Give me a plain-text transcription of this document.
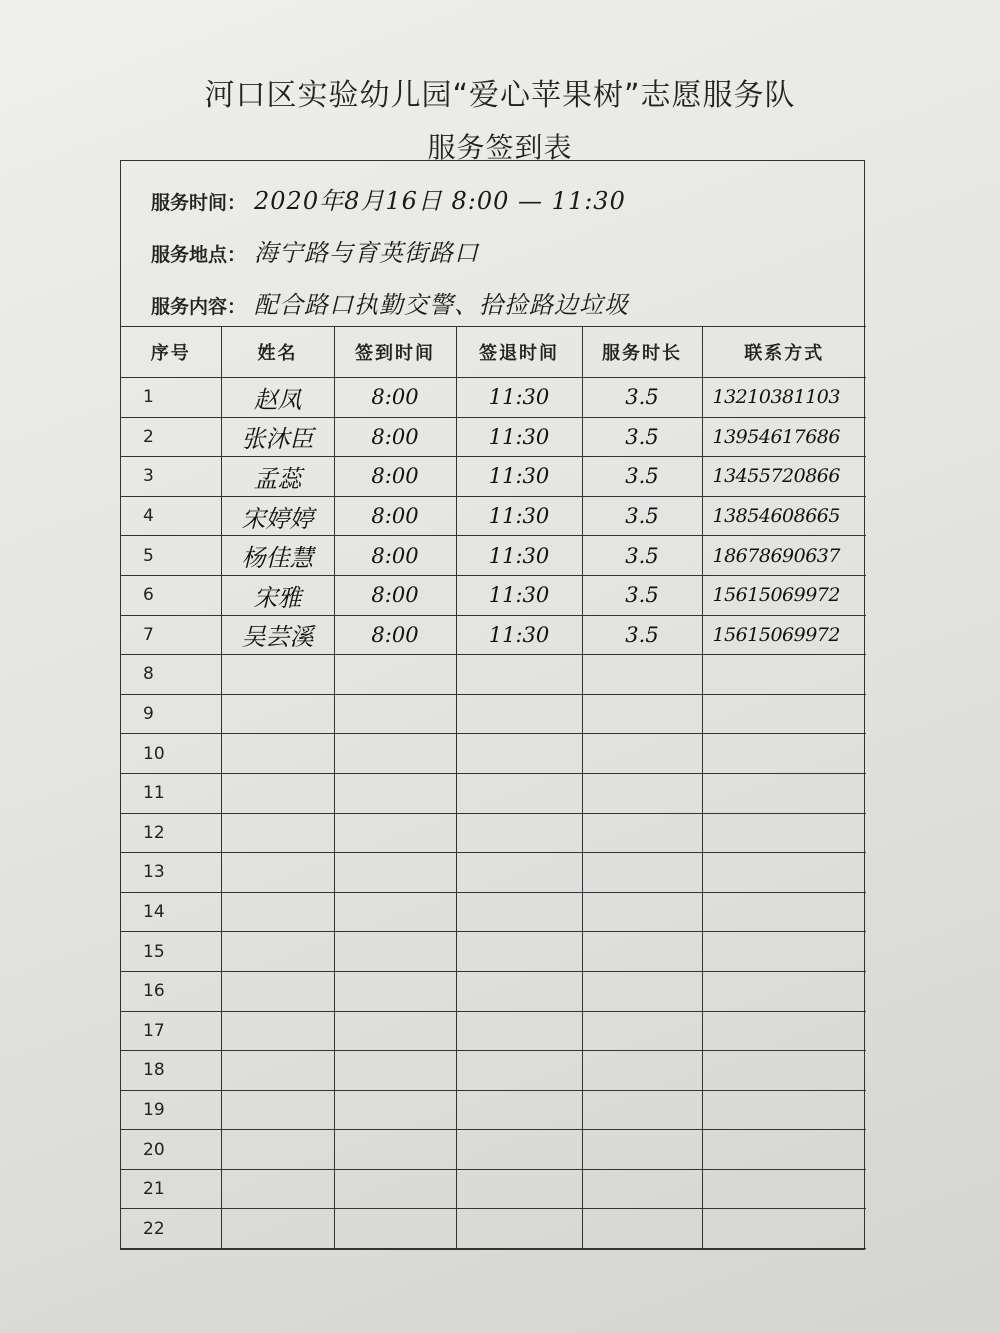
河口区实验幼儿园“爱心苹果树”志愿服务队
服务签到表
服务时间： 2020年8月16日 8:00 — 11:30
服务地点： 海宁路与育英街路口
服务内容： 配合路口执勤交警、拾捡路边垃圾
序号	姓名	签到时间	签退时间	服务时长	联系方式
1	赵凤	8:00	11:30	3.5	13210381103
2	张沐臣	8:00	11:30	3.5	13954617686
3	孟蕊	8:00	11:30	3.5	13455720866
4	宋婷婷	8:00	11:30	3.5	13854608665
5	杨佳慧	8:00	11:30	3.5	18678690637
6	宋雅	8:00	11:30	3.5	15615069972
7	吴芸溪	8:00	11:30	3.5	15615069972
8					
9					
10					
11					
12					
13					
14					
15					
16					
17					
18					
19					
20					
21					
22					
